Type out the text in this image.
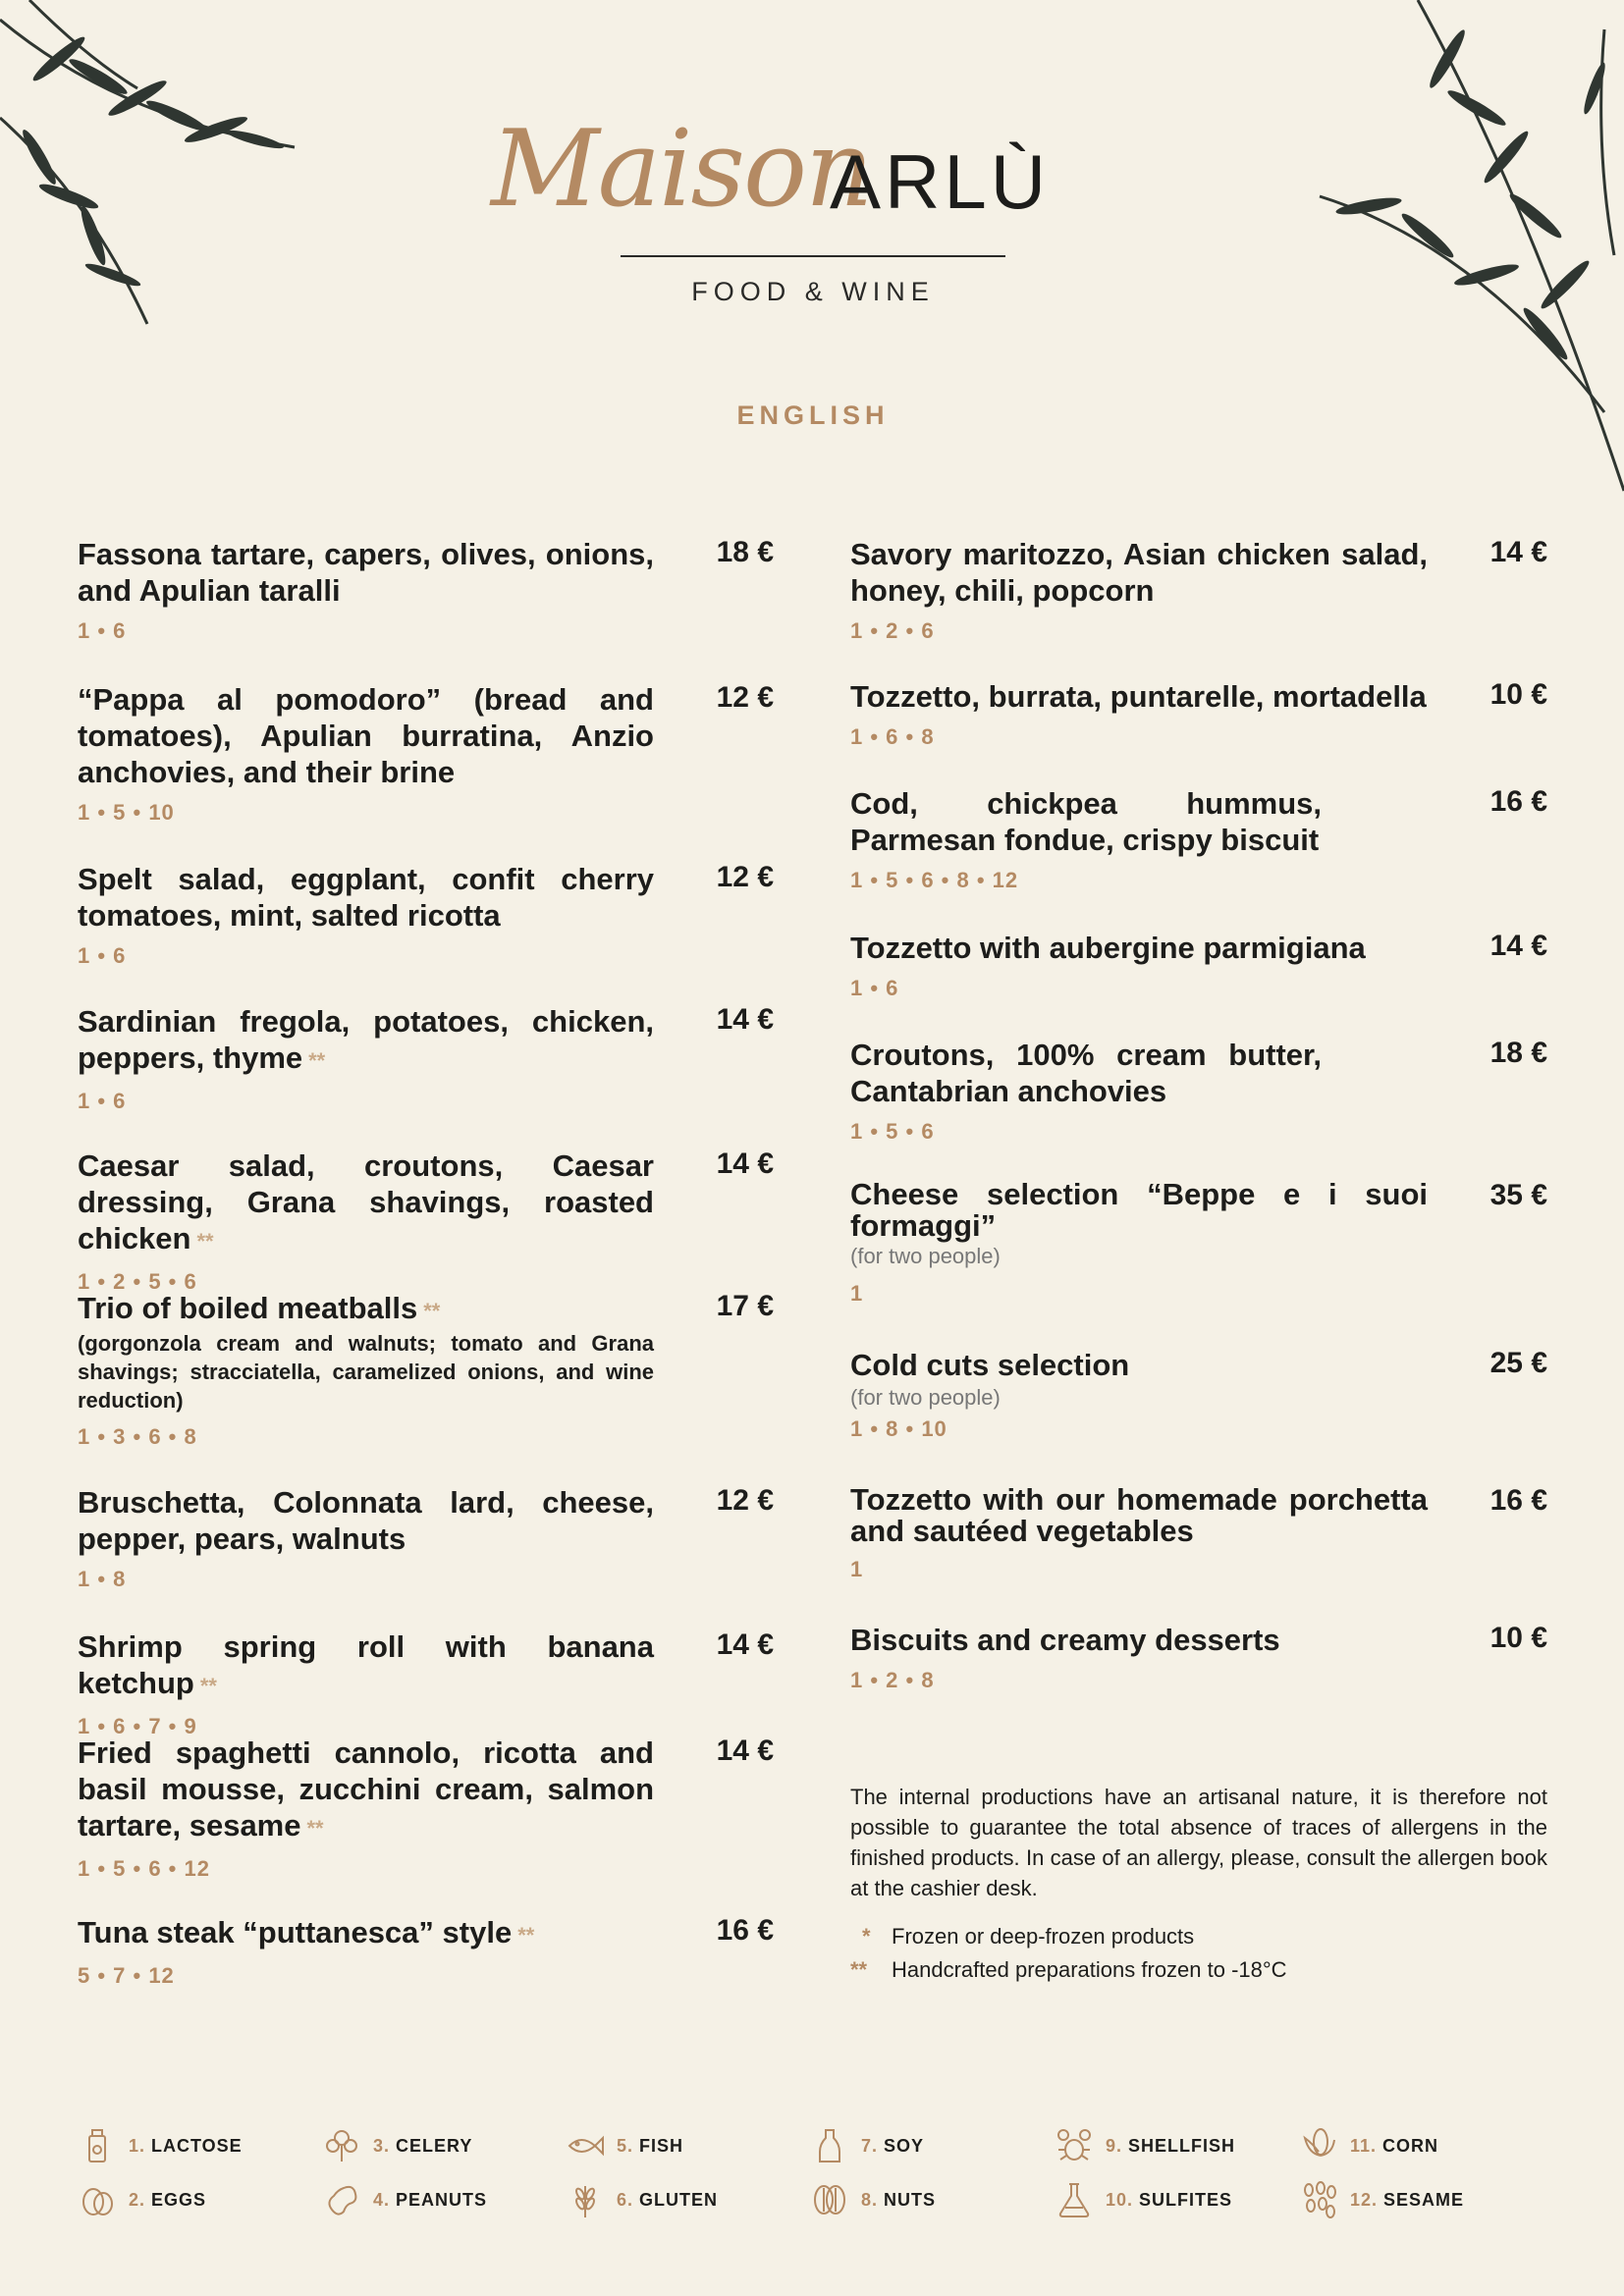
Maison
ARLÙ
FOOD & WINE
ENGLISH
Fassona tartare, capers, olives, onions, and Apulian taralli
1 • 6
18 €
“Pappa al pomodoro” (bread and tomatoes), Apulian burratina, Anzio anchovies, and their brine
1 • 5 • 10
12 €
Spelt salad, eggplant, confit cherry tomatoes, mint, salted ricotta
1 • 6
12 €
Sardinian fregola, potatoes, chicken, peppers, thyme **
1 • 6
14 €
Caesar salad, croutons, Caesar dressing, Grana shavings, roasted chicken **
1 • 2 • 5 • 6
14 €
Trio of boiled meatballs **
(gorgonzola cream and walnuts; tomato and Grana shavings; stracciatella, caramelized onions, and wine reduction)
1 • 3 • 6 • 8
17 €
Bruschetta, Colonnata lard, cheese, pepper, pears, walnuts
1 • 8
12 €
Shrimp spring roll with banana ketchup **
1 • 6 • 7 • 9
14 €
Fried spaghetti cannolo, ricotta and basil mousse, zucchini cream, salmon tartare, sesame **
1 • 5 • 6 • 12
14 €
Tuna steak “puttanesca” style **
5 • 7 • 12
16 €
Savory maritozzo, Asian chicken salad, honey, chili, popcorn
1 • 2 • 6
14 €
Tozzetto, burrata, puntarelle, mortadella
1 • 6 • 8
10 €
Cod, chickpea hummus, Parmesan fondue, crispy biscuit
1 • 5 • 6 • 8 • 12
16 €
Tozzetto with aubergine parmigiana
1 • 6
14 €
Croutons, 100% cream butter, Cantabrian anchovies
1 • 5 • 6
18 €
Cheese selection “Beppe e i suoi formaggi”
(for two people)
1
35 €
Cold cuts selection
(for two people)
1 • 8 • 10
25 €
Tozzetto with our homemade porchetta and sautéed vegetables
1
16 €
Biscuits and creamy desserts
1 • 2 • 8
10 €
The internal productions have an artisanal nature, it is therefore not possible to guarantee the total absence of traces of allergens in the finished products. In case of an allergy, please, consult the allergen book at the cashier desk.
* Frozen or deep-frozen products
**	Handcrafted preparations frozen to -18°C
1. LACTOSE
2. EGGS
3. CELERY
4. PEANUTS
5. FISH
6. GLUTEN
7. SOY
8. NUTS
9. SHELLFISH
10. SULFITES
11. CORN
12. SESAME
